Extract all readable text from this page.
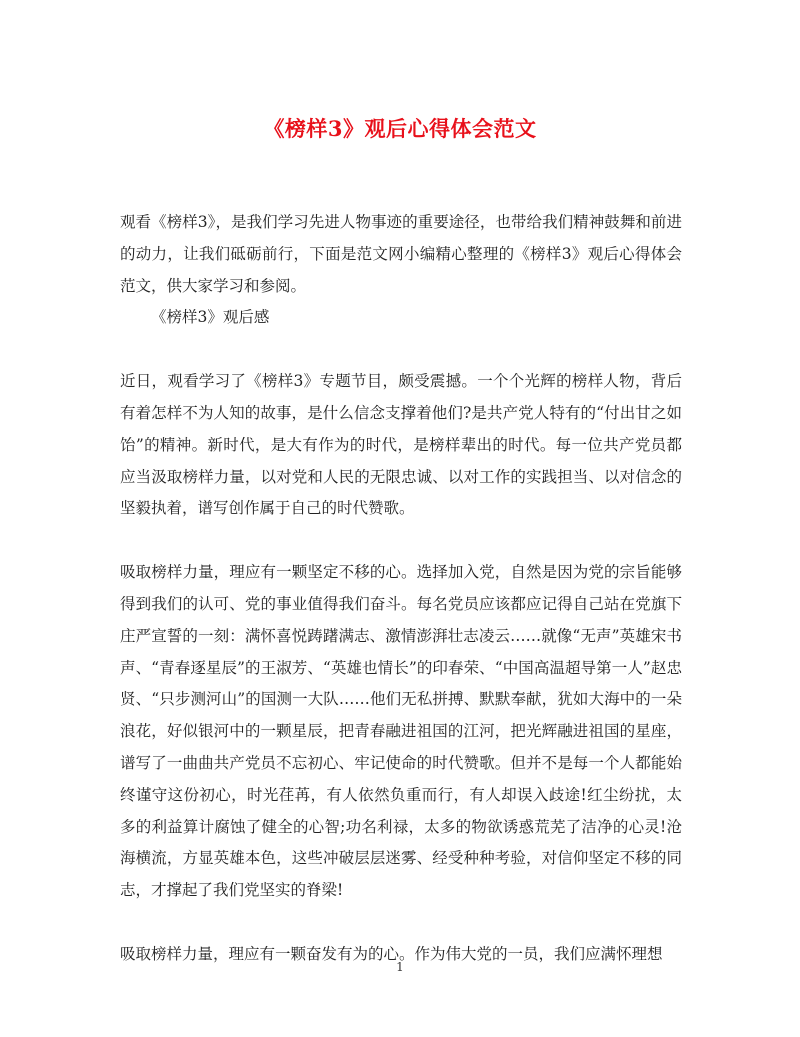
《榜样3》观后心得体会范文

观看《榜样3》，是我们学习先进人物事迹的重要途径，也带给我们精神鼓舞和前进的动力，让我们砥砺前行，下面是范文网小编精心整理的《榜样3》观后心得体会范文，供大家学习和参阅。

《榜样3》观后感

近日，观看学习了《榜样3》专题节目，颇受震撼。一个个光辉的榜样人物，背后有着怎样不为人知的故事，是什么信念支撑着他们?是共产党人特有的“付出甘之如饴”的精神。新时代，是大有作为的时代，是榜样辈出的时代。每一位共产党员都应当汲取榜样力量，以对党和人民的无限忠诚、以对工作的实践担当、以对信念的坚毅执着，谱写创作属于自己的时代赞歌。

吸取榜样力量，理应有一颗坚定不移的心。选择加入党，自然是因为党的宗旨能够得到我们的认可、党的事业值得我们奋斗。每名党员应该都应记得自己站在党旗下庄严宣誓的一刻：满怀喜悦踌躇满志、激情澎湃壮志凌云……就像“无声”英雄宋书声、“青春逐星辰”的王淑芳、“英雄也情长”的印春荣、“中国高温超导第一人”赵忠贤、“只步测河山”的国测一大队……他们无私拼搏、默默奉献，犹如大海中的一朵浪花，好似银河中的一颗星辰，把青春融进祖国的江河，把光辉融进祖国的星座，谱写了一曲曲共产党员不忘初心、牢记使命的时代赞歌。但并不是每一个人都能始终谨守这份初心，时光荏苒，有人依然负重而行，有人却误入歧途!红尘纷扰，太多的利益算计腐蚀了健全的心智;功名利禄，太多的物欲诱惑荒芜了洁净的心灵!沧海横流，方显英雄本色，这些冲破层层迷雾、经受种种考验，对信仰坚定不移的同志，才撑起了我们党坚实的脊梁!

吸取榜样力量，理应有一颗奋发有为的心。作为伟大党的一员，我们应满怀理想

1
